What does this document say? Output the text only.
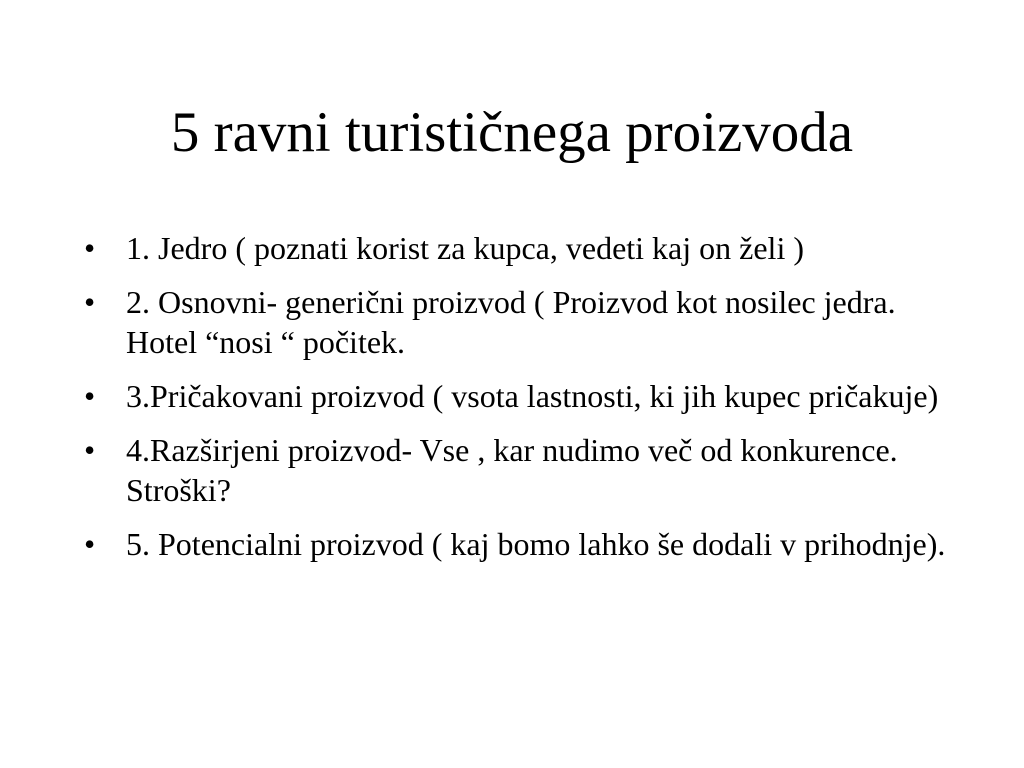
5 ravni turističnega proizvoda
• 1. Jedro ( poznati korist za kupca, vedeti kaj on želi )
• 2. Osnovni- generični proizvod ( Proizvod kot nosilec jedra. Hotel “nosi “ počitek.
• 3.Pričakovani proizvod ( vsota lastnosti, ki jih kupec pričakuje)
• 4.Razširjeni proizvod- Vse , kar nudimo več od konkurence. Stroški?
• 5. Potencialni proizvod ( kaj bomo lahko še dodali v prihodnje).
